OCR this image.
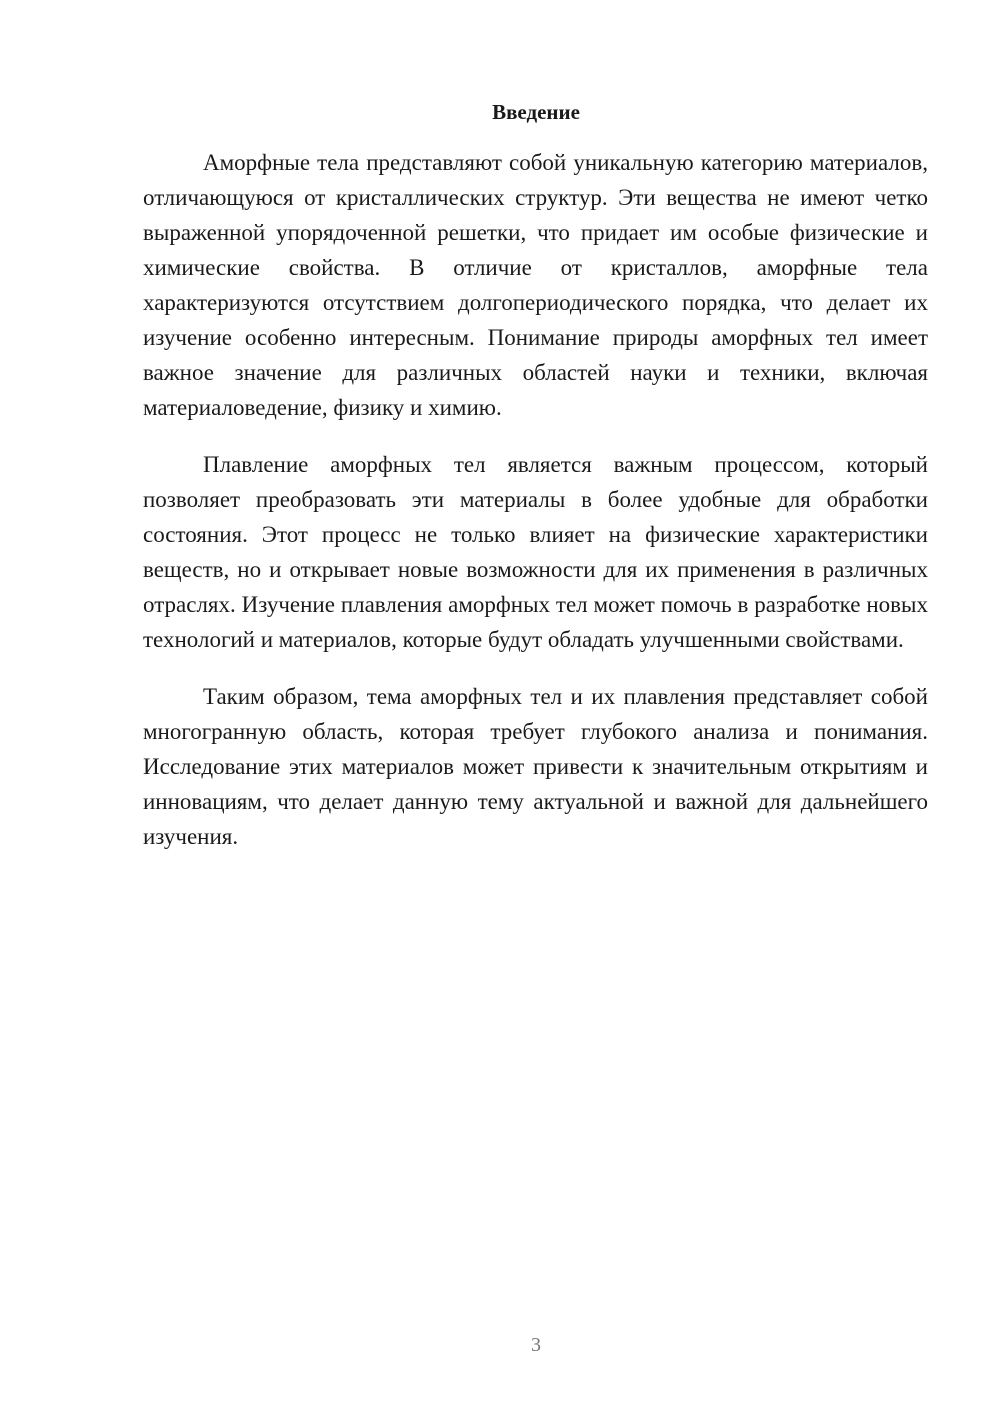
Введение

Аморфные тела представляют собой уникальную категорию материалов, отличающуюся от кристаллических структур. Эти вещества не имеют четко выраженной упорядоченной решетки, что придает им особые физические и химические свойства. В отличие от кристаллов, аморфные тела характеризуются отсутствием долгопериодического порядка, что делает их изучение особенно интересным. Понимание природы аморфных тел имеет важное значение для различных областей науки и техники, включая материаловедение, физику и химию.

Плавление аморфных тел является важным процессом, который позволяет преобразовать эти материалы в более удобные для обработки состояния. Этот процесс не только влияет на физические характеристики веществ, но и открывает новые возможности для их применения в различных отраслях. Изучение плавления аморфных тел может помочь в разработке новых технологий и материалов, которые будут обладать улучшенными свойствами.

Таким образом, тема аморфных тел и их плавления представляет собой многогранную область, которая требует глубокого анализа и понимания. Исследование этих материалов может привести к значительным открытиям и инновациям, что делает данную тему актуальной и важной для дальнейшего изучения.

3
